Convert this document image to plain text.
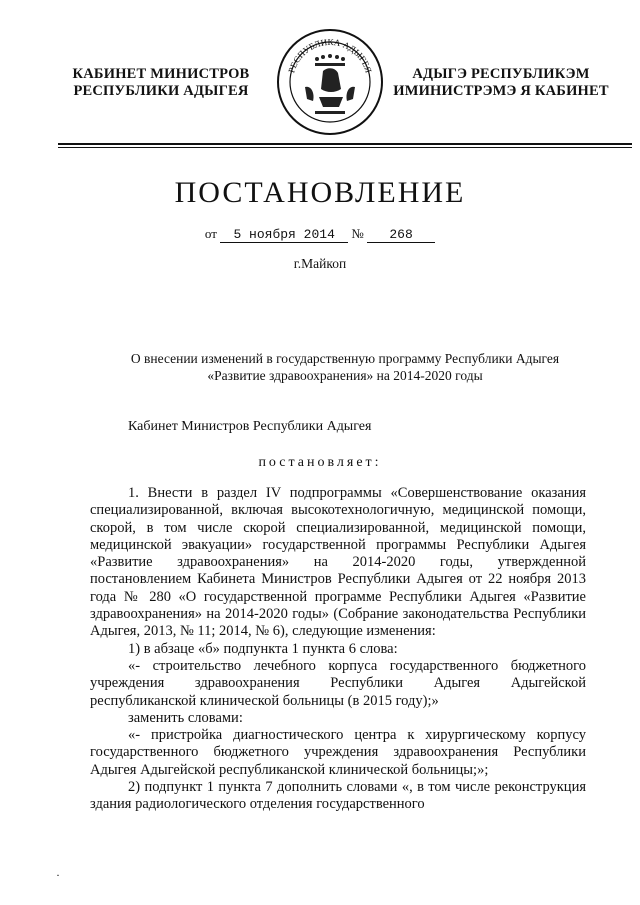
КАБИНЕТ МИНИСТРОВ
РЕСПУБЛИКИ АДЫГЕЯ
РЕСПУБЛИКА АДЫГЕЯ	АДЫГЭ РЕСПУБЛИКЭМ
ИМИНИСТРЭМЭ Я КАБИНЕТ
ПОСТАНОВЛЕНИЕ
от 5 ноября 2014 № 268
г.Майкоп
О внесении изменений в государственную программу Республики Адыгея
«Развитие здравоохранения» на 2014-2020 годы
Кабинет Министров Республики Адыгея
постановляет:

1. Внести в раздел IV подпрограммы «Совершенствование оказания специализированной, включая высокотехнологичную, медицинской помощи, скорой, в том числе скорой специализированной, медицинской помощи, медицинской эвакуации» государственной программы Республики Адыгея «Развитие здравоохранения» на 2014-2020 годы, утвержденной постановлением Кабинета Министров Республики Адыгея от 22 ноября 2013 года № 280 «О государственной программе Республики Адыгея «Развитие здравоохранения» на 2014-2020 годы» (Собрание законодательства Республики Адыгея, 2013, № 11; 2014, № 6), следующие изменения:

1) в абзаце «б» подпункта 1 пункта 6 слова:

«- строительство лечебного корпуса государственного бюджетного учреждения здравоохранения Республики Адыгея Адыгейской республиканской клинической больницы (в 2015 году);»

заменить словами:

«- пристройка диагностического центра к хирургическому корпусу государственного бюджетного учреждения здравоохранения Республики Адыгея Адыгейской республиканской клинической больницы;»;

2) подпункт 1 пункта 7 дополнить словами «, в том числе реконструкция здания радиологического отделения государственного

·
